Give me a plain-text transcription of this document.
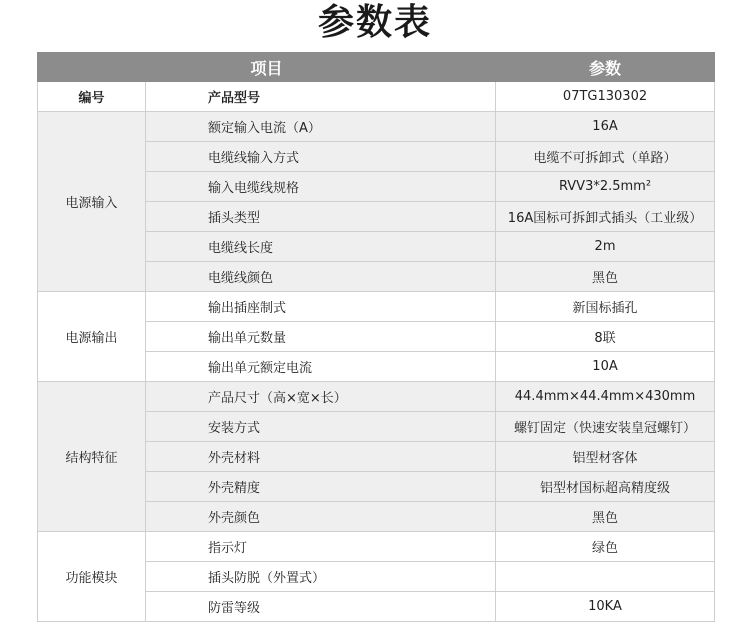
参数表
项目		参数
编号	产品型号	07TG130302
电源输入	额定输入电流（A）	16A
	电缆线输入方式	电缆不可拆卸式（单路）
	输入电缆线规格	RVV3*2.5mm²
	插头类型	16A国标可拆卸式插头（工业级）
	电缆线长度	2m
	电缆线颜色	黑色
电源输出	输出插座制式	新国标插孔
	输出单元数量	8联
	输出单元额定电流	10A
结构特征	产品尺寸（高×宽×长）	44.4mm×44.4mm×430mm
	安装方式	螺钉固定（快速安装皇冠螺钉）
	外壳材料	铝型材客体
	外壳精度	铝型材国标超高精度级
	外壳颜色	黑色
功能模块	指示灯	绿色
	插头防脱（外置式）	
	防雷等级	10KA
